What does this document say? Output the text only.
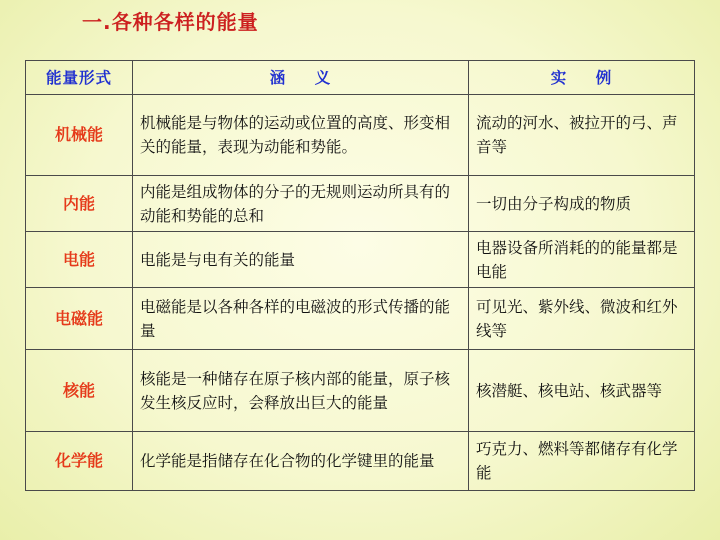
一.各种各样的能量
能量形式	涵 义	实 例
机械能	机械能是与物体的运动或位置的高度、形变相关的能量，表现为动能和势能。	流动的河水、被拉开的弓、声音等
内能	内能是组成物体的分子的无规则运动所具有的动能和势能的总和	一切由分子构成的物质
电能	电能是与电有关的能量	电器设备所消耗的的能量都是电能
电磁能	电磁能是以各种各样的电磁波的形式传播的能量	可见光、紫外线、微波和红外线等
核能	核能是一种储存在原子核内部的能量，原子核发生核反应时，会释放出巨大的能量	核潜艇、核电站、核武器等
化学能	化学能是指储存在化合物的化学键里的能量	巧克力、燃料等都储存有化学能
